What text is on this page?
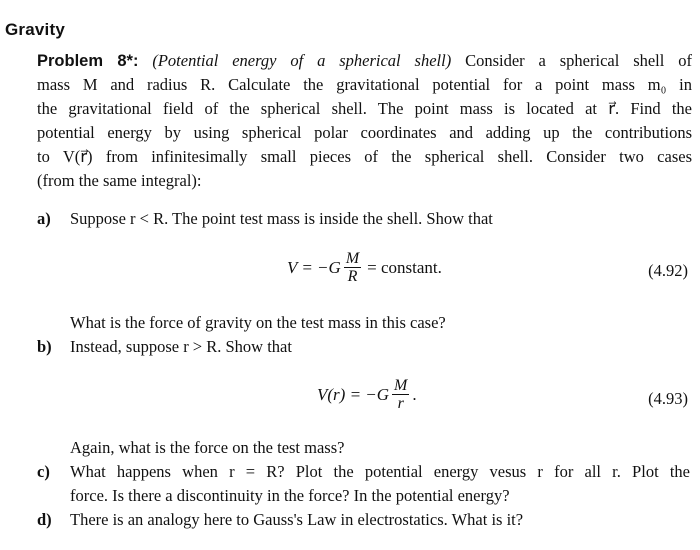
Gravity
Problem 8*: (Potential energy of a spherical shell) Consider a spherical shell of
mass M and radius R. Calculate the gravitational potential for a point mass m₀ in
the gravitational field of the spherical shell. The point mass is located at r⃗. Find the
potential energy by using spherical polar coordinates and adding up the contributions
to V(r⃗) from infinitesimally small pieces of the spherical shell. Consider two cases
(from the same integral):
a) Suppose r < R. The point test mass is inside the shell. Show that
$V = -G \frac{M}{R}$ = constant.	(4.92)
What is the force of gravity on the test mass in this case?
b) Instead, suppose r > R. Show that
$V(r) = -G \frac{M}{r}$ .	(4.93)
Again, what is the force on the test mass?
c) What happens when r = R? Plot the potential energy vesus r for all r. Plot the
force. Is there a discontinuity in the force? In the potential energy?
d) There is an analogy here to Gauss's Law in electrostatics. What is it?
